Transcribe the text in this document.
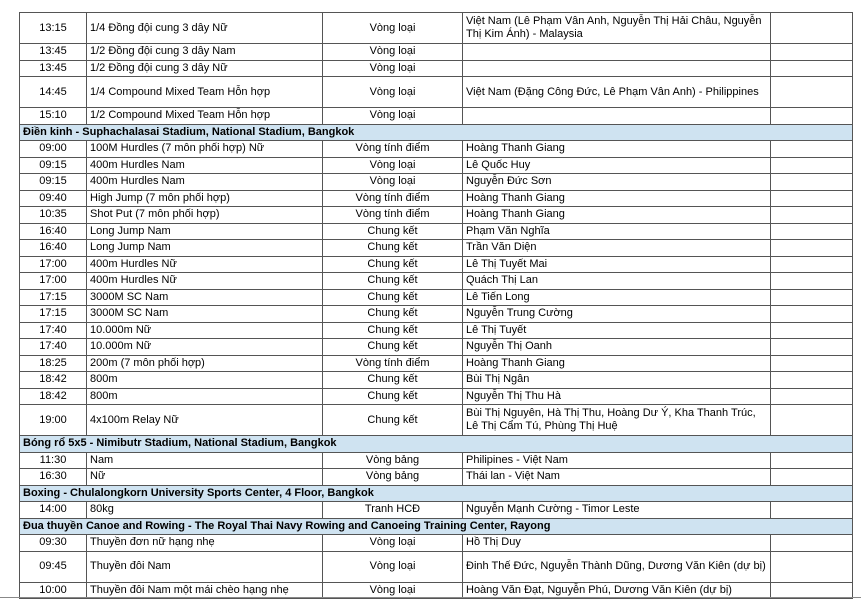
13:15	1/4 Đồng đội cung 3 dây Nữ	Vòng loại	Việt Nam (Lê Phạm Vân Anh, Nguyễn Thị Hải Châu, Nguyễn Thị Kim Ánh) - Malaysia	
13:45	1/2 Đồng đội cung 3 dây Nam	Vòng loại		
13:45	1/2 Đồng đội cung 3 dây Nữ	Vòng loại		
14:45	1/4 Compound Mixed Team Hỗn hợp	Vòng loại	Việt Nam (Đặng Công Đức, Lê Phạm Vân Anh) - Philippines	
15:10	1/2 Compound Mixed Team Hỗn hợp	Vòng loại		
Điền kinh - Suphachalasai Stadium, National Stadium, Bangkok				
09:00	100M Hurdles (7 môn phối hợp) Nữ	Vòng tính điểm	Hoàng Thanh Giang	
09:15	400m Hurdles Nam	Vòng loại	Lê Quốc Huy	
09:15	400m Hurdles Nam	Vòng loại	Nguyễn Đức Sơn	
09:40	High Jump (7 môn phối hợp)	Vòng tính điểm	Hoàng Thanh Giang	
10:35	Shot Put (7 môn phối hợp)	Vòng tính điểm	Hoàng Thanh Giang	
16:40	Long Jump Nam	Chung kết	Phạm Văn Nghĩa	
16:40	Long Jump Nam	Chung kết	Trần Văn Diện	
17:00	400m Hurdles Nữ	Chung kết	Lê Thị Tuyết Mai	
17:00	400m Hurdles Nữ	Chung kết	Quách Thị Lan	
17:15	3000M SC Nam	Chung kết	Lê Tiến Long	
17:15	3000M SC Nam	Chung kết	Nguyễn Trung Cường	
17:40	10.000m Nữ	Chung kết	Lê Thị Tuyết	
17:40	10.000m Nữ	Chung kết	Nguyễn Thị Oanh	
18:25	200m (7 môn phối hợp)	Vòng tính điểm	Hoàng Thanh Giang	
18:42	800m	Chung kết	Bùi Thị Ngân	
18:42	800m	Chung kết	Nguyễn Thị Thu Hà	
19:00	4x100m Relay Nữ	Chung kết	Bùi Thị Nguyên, Hà Thị Thu, Hoàng Dư Ý, Kha Thanh Trúc, Lê Thị Cẩm Tú, Phùng Thị Huệ	
Bóng rổ 5x5 - Nimibutr Stadium, National Stadium, Bangkok				
11:30	Nam	Vòng bảng	Philipines - Việt Nam	
16:30	Nữ	Vòng bảng	Thái lan - Việt Nam	
Boxing - Chulalongkorn University Sports Center, 4 Floor, Bangkok				
14:00	80kg	Tranh HCĐ	Nguyễn Mạnh Cường - Timor Leste	
Đua thuyền Canoe and Rowing - The Royal Thai Navy Rowing and Canoeing Training Center, Rayong				
09:30	Thuyền đơn nữ hạng nhẹ	Vòng loại	Hồ Thị Duy	
09:45	Thuyền đôi Nam	Vòng loại	Đinh Thế Đức, Nguyễn Thành Dũng, Dương Văn Kiên (dự bị)	
10:00	Thuyền đôi Nam một mái chèo hạng nhẹ	Vòng loại	Hoàng Văn Đạt, Nguyễn Phú, Dương Văn Kiên (dự bị)	
